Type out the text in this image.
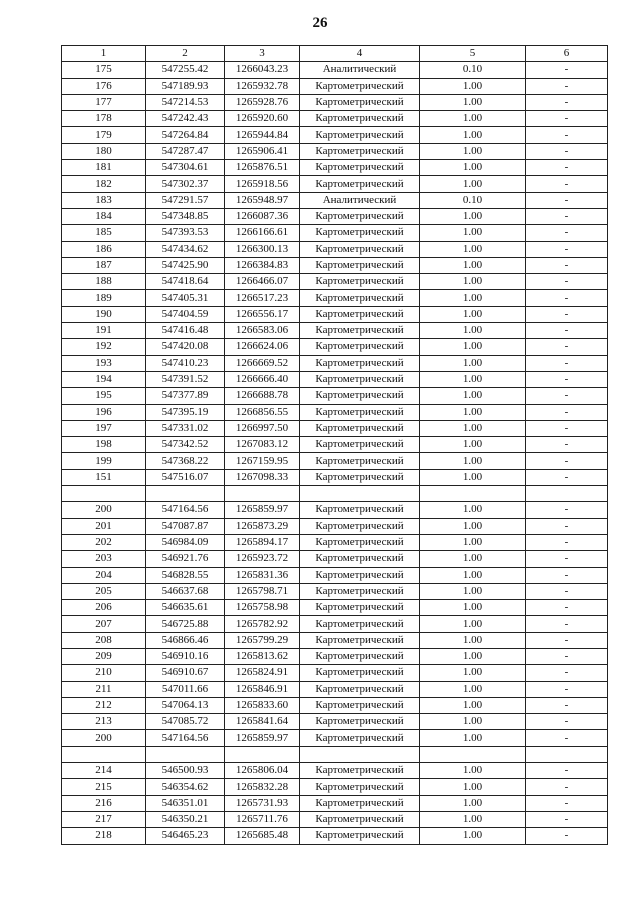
26
1	2	3	4	5	6
175	547255.42	1266043.23	Аналитический	0.10	-
176	547189.93	1265932.78	Картометрический	1.00	-
177	547214.53	1265928.76	Картометрический	1.00	-
178	547242.43	1265920.60	Картометрический	1.00	-
179	547264.84	1265944.84	Картометрический	1.00	-
180	547287.47	1265906.41	Картометрический	1.00	-
181	547304.61	1265876.51	Картометрический	1.00	-
182	547302.37	1265918.56	Картометрический	1.00	-
183	547291.57	1265948.97	Аналитический	0.10	-
184	547348.85	1266087.36	Картометрический	1.00	-
185	547393.53	1266166.61	Картометрический	1.00	-
186	547434.62	1266300.13	Картометрический	1.00	-
187	547425.90	1266384.83	Картометрический	1.00	-
188	547418.64	1266466.07	Картометрический	1.00	-
189	547405.31	1266517.23	Картометрический	1.00	-
190	547404.59	1266556.17	Картометрический	1.00	-
191	547416.48	1266583.06	Картометрический	1.00	-
192	547420.08	1266624.06	Картометрический	1.00	-
193	547410.23	1266669.52	Картометрический	1.00	-
194	547391.52	1266666.40	Картометрический	1.00	-
195	547377.89	1266688.78	Картометрический	1.00	-
196	547395.19	1266856.55	Картометрический	1.00	-
197	547331.02	1266997.50	Картометрический	1.00	-
198	547342.52	1267083.12	Картометрический	1.00	-
199	547368.22	1267159.95	Картометрический	1.00	-
151	547516.07	1267098.33	Картометрический	1.00	-

200	547164.56	1265859.97	Картометрический	1.00	-
201	547087.87	1265873.29	Картометрический	1.00	-
202	546984.09	1265894.17	Картометрический	1.00	-
203	546921.76	1265923.72	Картометрический	1.00	-
204	546828.55	1265831.36	Картометрический	1.00	-
205	546637.68	1265798.71	Картометрический	1.00	-
206	546635.61	1265758.98	Картометрический	1.00	-
207	546725.88	1265782.92	Картометрический	1.00	-
208	546866.46	1265799.29	Картометрический	1.00	-
209	546910.16	1265813.62	Картометрический	1.00	-
210	546910.67	1265824.91	Картометрический	1.00	-
211	547011.66	1265846.91	Картометрический	1.00	-
212	547064.13	1265833.60	Картометрический	1.00	-
213	547085.72	1265841.64	Картометрический	1.00	-
200	547164.56	1265859.97	Картометрический	1.00	-

214	546500.93	1265806.04	Картометрический	1.00	-
215	546354.62	1265832.28	Картометрический	1.00	-
216	546351.01	1265731.93	Картометрический	1.00	-
217	546350.21	1265711.76	Картометрический	1.00	-
218	546465.23	1265685.48	Картометрический	1.00	-
